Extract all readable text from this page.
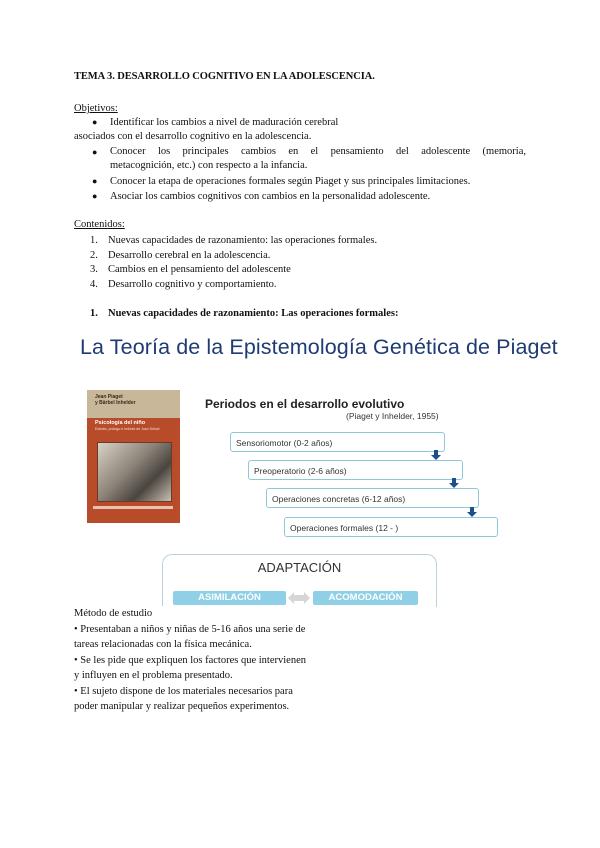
TEMA 3. DESARROLLO COGNITIVO EN LA ADOLESCENCIA.
Objetivos:
● Identificar los cambios a nivel de maduración cerebral
asociados con el desarrollo cognitivo en la adolescencia.
● Conocer los principales cambios en el pensamiento del adolescente (memoria,
metacognición, etc.) con respecto a la infancia.
● Conocer la etapa de operaciones formales según Piaget y sus principales limitaciones.
● Asociar los cambios cognitivos con cambios en la personalidad adolescente.
Contenidos:
1. Nuevas capacidades de razonamiento: las operaciones formales.
2. Desarrollo cerebral en la adolescencia.
3. Cambios en el pensamiento del adolescente
4. Desarrollo cognitivo y comportamiento.
1. Nuevas capacidades de razonamiento: Las operaciones formales:
La Teoría de la Epistemología Genética de Piaget
Jean Piaget
y Bärbel Inhelder
Psicología del niño
Estudio, prólogo e índices de Juan Delval
Periodos en el desarrollo evolutivo
(Piaget y Inhelder, 1955)
Sensoriomotor (0-2 años)
Preoperatorio (2-6 años)
Operaciones concretas (6-12 años)
Operaciones formales (12 - )
ADAPTACIÓN
ASIMILACIÓN	ACOMODACIÓN
Método de estudio
• Presentaban a niños y niñas de 5-16 años una serie de
tareas relacionadas con la física mecánica.
• Se les pide que expliquen los factores que intervienen
y influyen en el problema presentado.
• El sujeto dispone de los materiales necesarios para
poder manipular y realizar pequeños experimentos.
